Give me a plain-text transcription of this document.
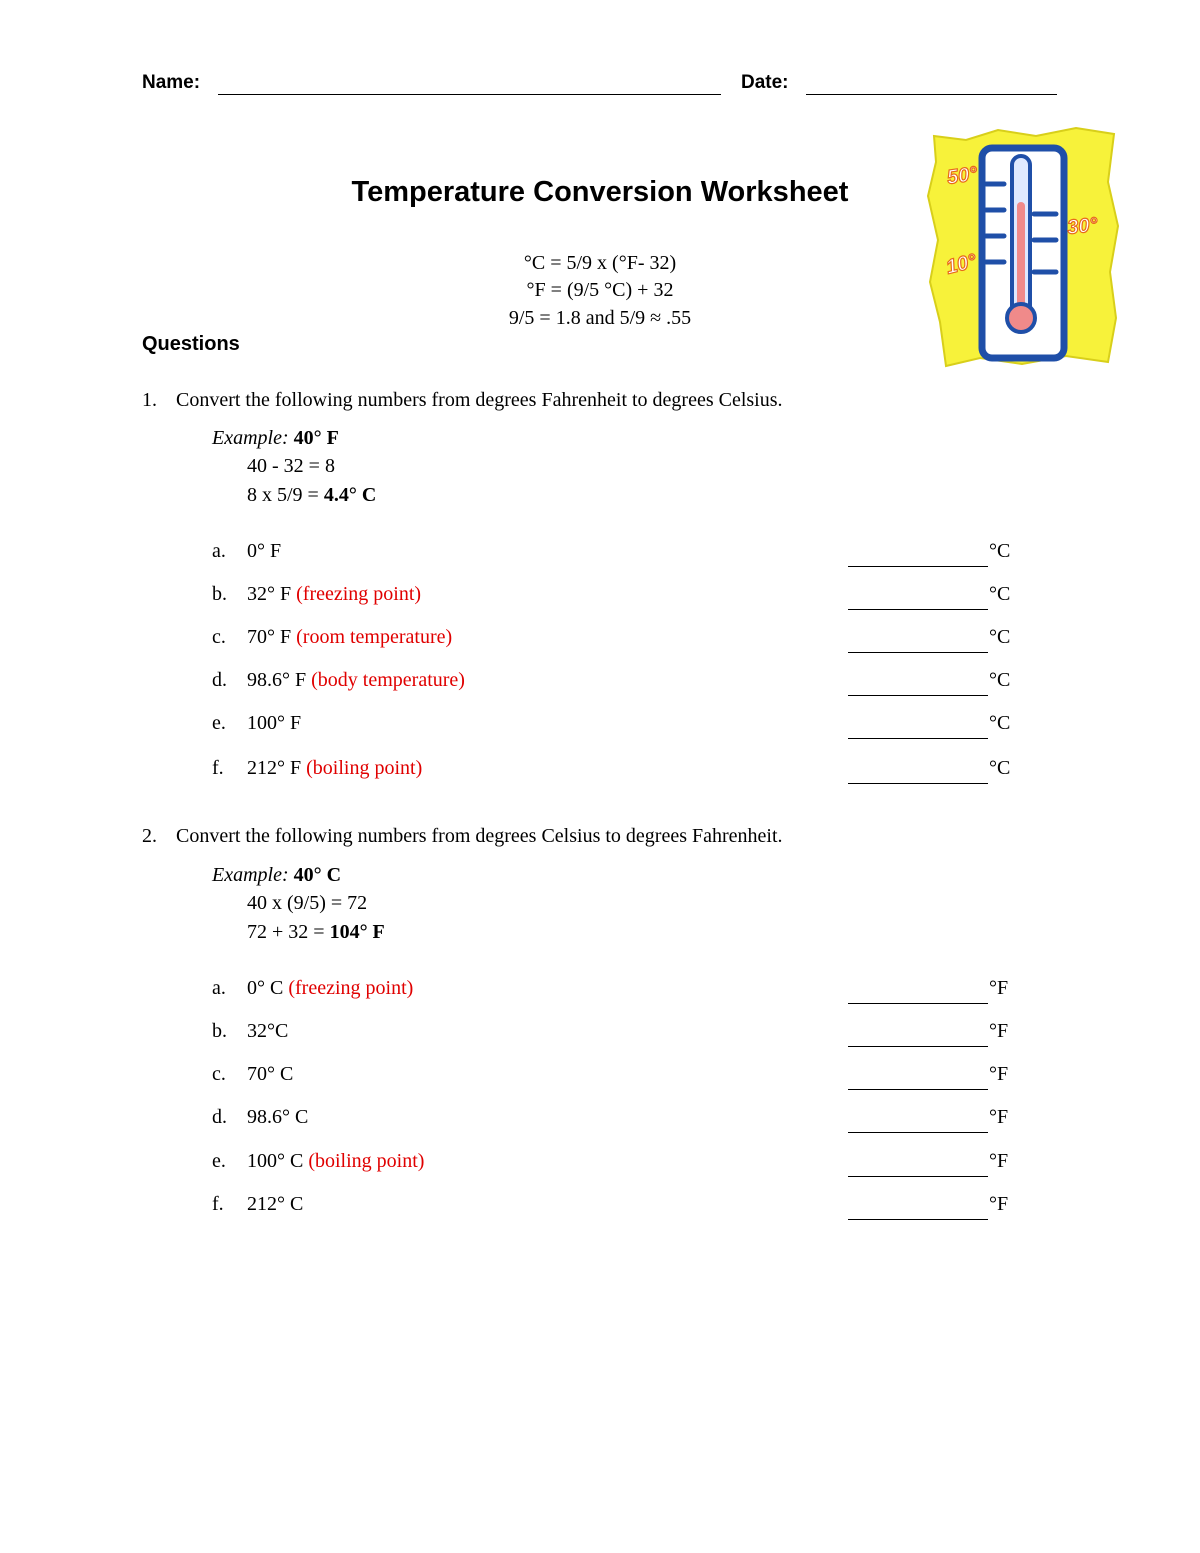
Name:	Date:
Temperature Conversion Worksheet
°C = 5/9 x (°F- 32)
°F = (9/5 °C) + 32
9/5 = 1.8 and 5/9 ≈ .55
50°
30°
10°
Questions
1. Convert the following numbers from degrees Fahrenheit to degrees Celsius.
Example: 40° F
40 - 32 = 8
8 x 5/9 = 4.4° C
a. 0° F	°C
b. 32° F (freezing point)	°C
c. 70° F (room temperature)	°C
d. 98.6° F (body temperature)	°C
e. 100° F	°C
f. 212° F (boiling point)	°C
2. Convert the following numbers from degrees Celsius to degrees Fahrenheit.
Example: 40° C
40 x (9/5) = 72
72 + 32 = 104° F
a. 0° C (freezing point)	°F
b. 32°C	°F
c. 70° C	°F
d. 98.6° C	°F
e. 100° C (boiling point)	°F
f. 212° C	°F
